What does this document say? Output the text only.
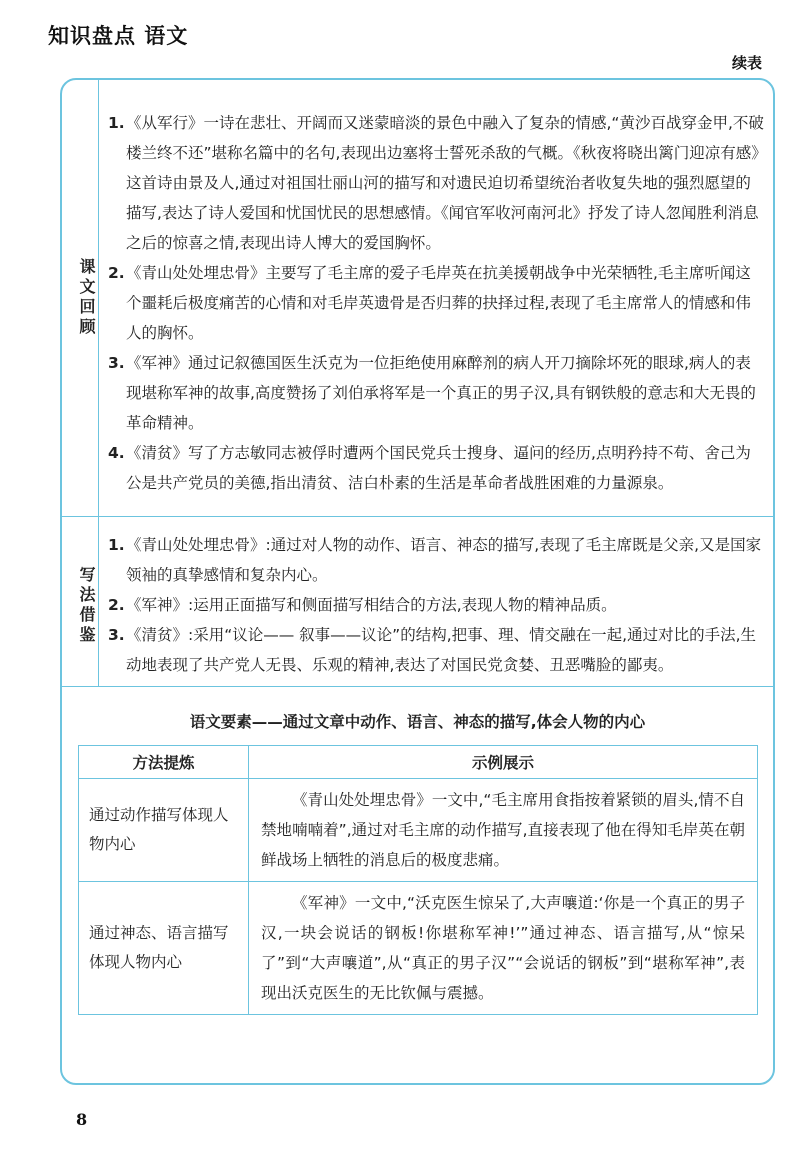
知识盘点 语文
续表
课文回顾

1. 《从军行》一诗在悲壮、开阔而又迷蒙暗淡的景色中融入了复杂的情感,“黄沙百战穿金甲,不破楼兰终不还”堪称名篇中的名句,表现出边塞将士誓死杀敌的气概。《秋夜将晓出篱门迎凉有感》这首诗由景及人,通过对祖国壮丽山河的描写和对遗民迫切希望统治者收复失地的强烈愿望的描写,表达了诗人爱国和忧国忧民的思想感情。《闻官军收河南河北》抒发了诗人忽闻胜利消息之后的惊喜之情,表现出诗人博大的爱国胸怀。

2. 《青山处处埋忠骨》主要写了毛主席的爱子毛岸英在抗美援朝战争中光荣牺牲,毛主席听闻这个噩耗后极度痛苦的心情和对毛岸英遗骨是否归葬的抉择过程,表现了毛主席常人的情感和伟人的胸怀。

3. 《军神》通过记叙德国医生沃克为一位拒绝使用麻醉剂的病人开刀摘除坏死的眼球,病人的表现堪称军神的故事,高度赞扬了刘伯承将军是一个真正的男子汉,具有钢铁般的意志和大无畏的革命精神。

4. 《清贫》写了方志敏同志被俘时遭两个国民党兵士搜身、逼问的经历,点明矜持不苟、舍己为公是共产党员的美德,指出清贫、洁白朴素的生活是革命者战胜困难的力量源泉。

写法借鉴

1. 《青山处处埋忠骨》:通过对人物的动作、语言、神态的描写,表现了毛主席既是父亲,又是国家领袖的真挚感情和复杂内心。

2. 《军神》:运用正面描写和侧面描写相结合的方法,表现人物的精神品质。

3. 《清贫》:采用“议论—— 叙事——议论”的结构,把事、理、情交融在一起,通过对比的手法,生动地表现了共产党人无畏、乐观的精神,表达了对国民党贪婪、丑恶嘴脸的鄙夷。

语文要素——通过文章中动作、语言、神态的描写,体会人物的内心
方法提炼	示例展示
通过动作描写体现人物内心	《青山处处埋忠骨》一文中,“毛主席用食指按着紧锁的眉头,情不自禁地喃喃着”,通过对毛主席的动作描写,直接表现了他在得知毛岸英在朝鲜战场上牺牲的消息后的极度悲痛。
通过神态、语言描写体现人物内心	《军神》一文中,“沃克医生惊呆了,大声嚷道:‘你是一个真正的男子汉,一块会说话的钢板!你堪称军神!’”通过神态、语言描写,从“惊呆了”到“大声嚷道”,从“真正的男子汉”“会说话的钢板”到“堪称军神”,表现出沃克医生的无比钦佩与震撼。
8
